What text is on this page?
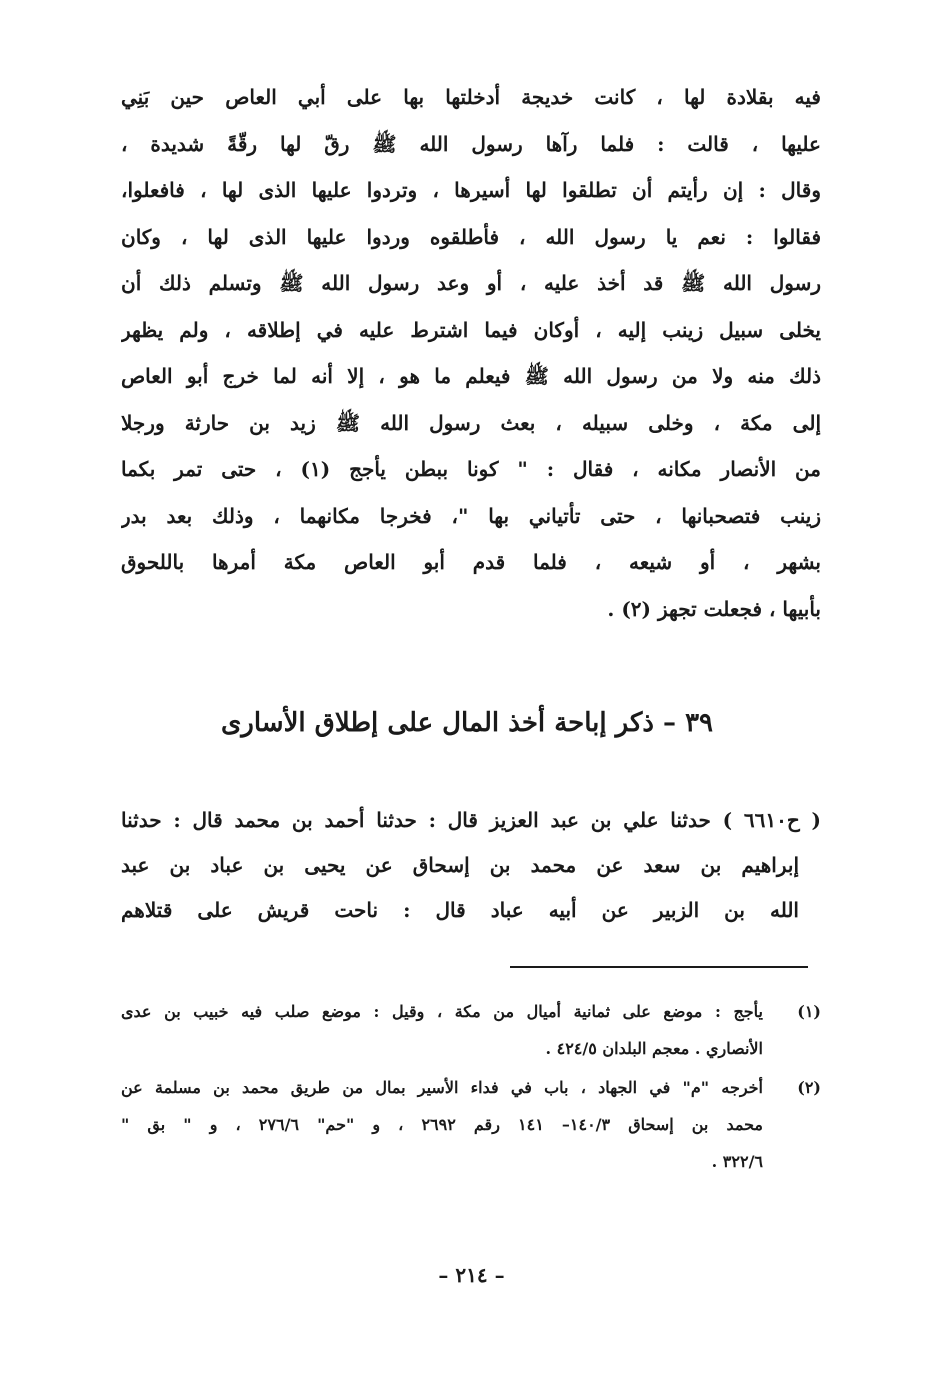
فيه بقلادة لها ، كانت خديجة أدخلتها بها على أبي العاص حين بَنِي
عليها ، قالت : فلما رآها رسول الله ﷺ رقّ لها رقّةً شديدة ،
وقال : إن رأيتم أن تطلقوا لها أسيرها ، وتردوا عليها الذى لها ، فافعلوا،
فقالوا : نعم يا رسول الله ، فأطلقوه وردوا عليها الذى لها ، وكان
رسول الله ﷺ قد أخذ عليه ، أو وعد رسول الله ﷺ وتسلم ذلك أن
يخلى سبيل زينب إليه ، أوكان فيما اشترط عليه في إطلاقه ، ولم يظهر
ذلك منه ولا من رسول الله ﷺ فيعلم ما هو ، إلا أنه لما خرج أبو العاص
إلى مكة ، وخلى سبيله ، بعث رسول الله ﷺ زيد بن حارثة ورجلا
من الأنصار مكانه ، فقال : " كونا ببطن يأجج (١) ، حتى تمر بكما
زينب فتصحبانها ، حتى تأتياني بها "، فخرجا مكانهما ، وذلك بعد بدر
بشهر ، أو شيعه ، فلما قدم أبو العاص مكة أمرها باللحوق
بأبيها ، فجعلت تجهز (٢) .
٣٩ – ذكر إباحة أخذ المال على إطلاق الأسارى
( ح٦٦١٠ ) حدثنا علي بن عبد العزيز قال : حدثنا أحمد بن محمد قال : حدثنا
إبراهيم بن سعد عن محمد بن إسحاق عن يحيى بن عباد بن عبد
الله بن الزبير عن أبيه عباد قال : ناحت قريش على قتلاهم
(١)
يأجج : موضع على ثمانية أميال من مكة ، وقيل : موضع صلب فيه خبيب بن عدى
الأنصاري . معجم البلدان ٤٢٤/٥ .
(٢)
أخرجه "م" في الجهاد ، باب في فداء الأسير بمال من طريق محمد بن مسلمة عن
محمد بن إسحاق ١٤٠/٣– ١٤١ رقم ٢٦٩٢ ، و "حم" ٢٧٦/٦ ، و " بق "
٣٢٢/٦ .
– ٢١٤ –
